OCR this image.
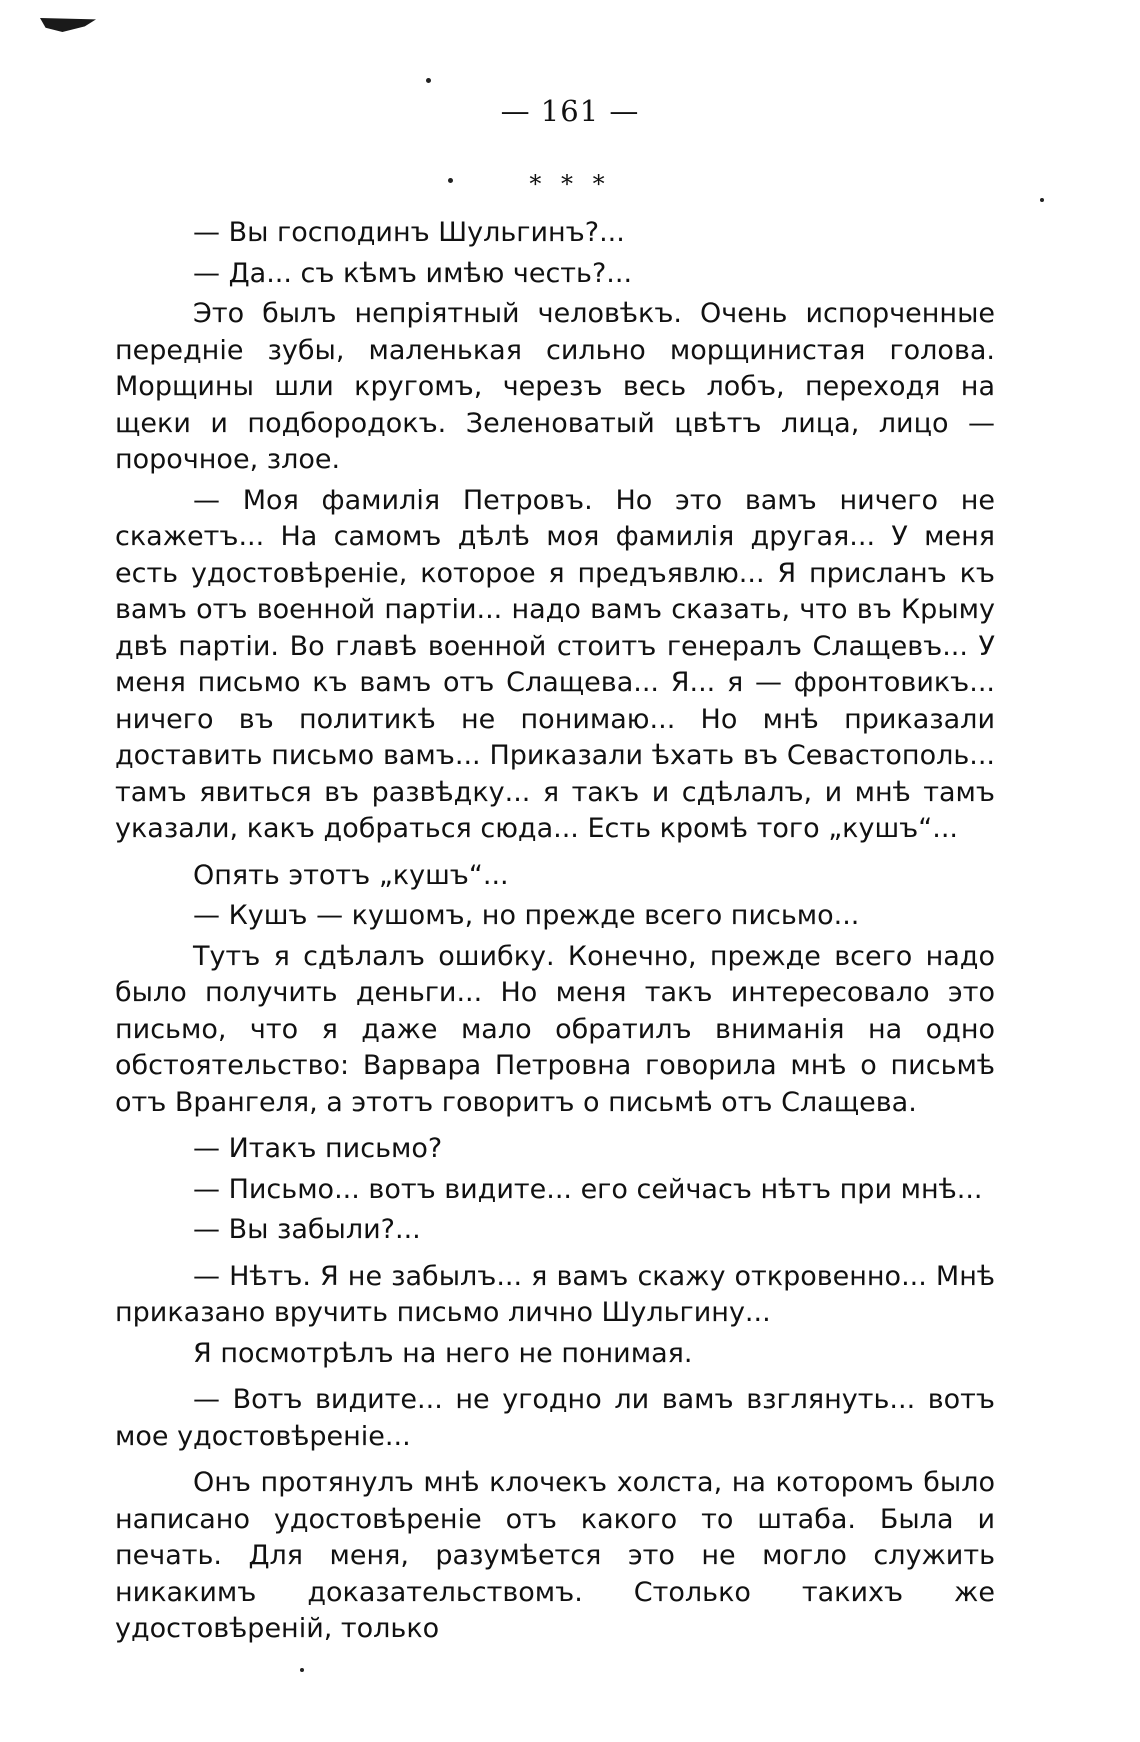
— 161 —
* * *

— Вы господинъ Шульгинъ?...

— Да... съ кѣмъ имѣю честь?...

Это былъ непріятный человѣкъ. Очень испорченные передніе зубы, маленькая сильно морщинистая голова. Морщины шли кругомъ, черезъ весь лобъ, переходя на щеки и подбородокъ. Зеленоватый цвѣтъ лица, лицо — порочное, злое.

— Моя фамилія Петровъ. Но это вамъ ничего не скажетъ... На самомъ дѣлѣ моя фамилія другая... У меня есть удостовѣреніе, которое я предъявлю... Я присланъ къ вамъ отъ военной партіи... надо вамъ сказать, что въ Крыму двѣ партіи. Во главѣ военной стоитъ генералъ Слащевъ... У меня письмо къ вамъ отъ Слащева... Я... я — фронтовикъ... ничего въ политикѣ не понимаю... Но мнѣ приказали доставить письмо вамъ... Приказали ѣхать въ Севастополь... тамъ явиться въ развѣдку... я такъ и сдѣлалъ, и мнѣ тамъ указали, какъ добраться сюда... Есть кромѣ того „кушъ“...

Опять этотъ „кушъ“...

— Кушъ — кушомъ, но прежде всего письмо...

Тутъ я сдѣлалъ ошибку. Конечно, прежде всего надо было получить деньги... Но меня такъ интересовало это письмо, что я даже мало обратилъ вниманія на одно обстоятельство: Варвара Петровна говорила мнѣ о письмѣ отъ Врангеля, а этотъ говоритъ о письмѣ отъ Слащева.

— Итакъ письмо?

— Письмо... вотъ видите... его сейчасъ нѣтъ при мнѣ...

— Вы забыли?...

— Нѣтъ. Я не забылъ... я вамъ скажу откровенно... Мнѣ приказано вручить письмо лично Шульгину...

Я посмотрѣлъ на него не понимая.

— Вотъ видите... не угодно ли вамъ взглянуть... вотъ мое удостовѣреніе...

Онъ протянулъ мнѣ клочекъ холста, на которомъ было написано удостовѣреніе отъ какого то штаба. Была и печать. Для меня, разумѣется это не могло служить никакимъ доказательствомъ. Столько такихъ же удостовѣреній, только
